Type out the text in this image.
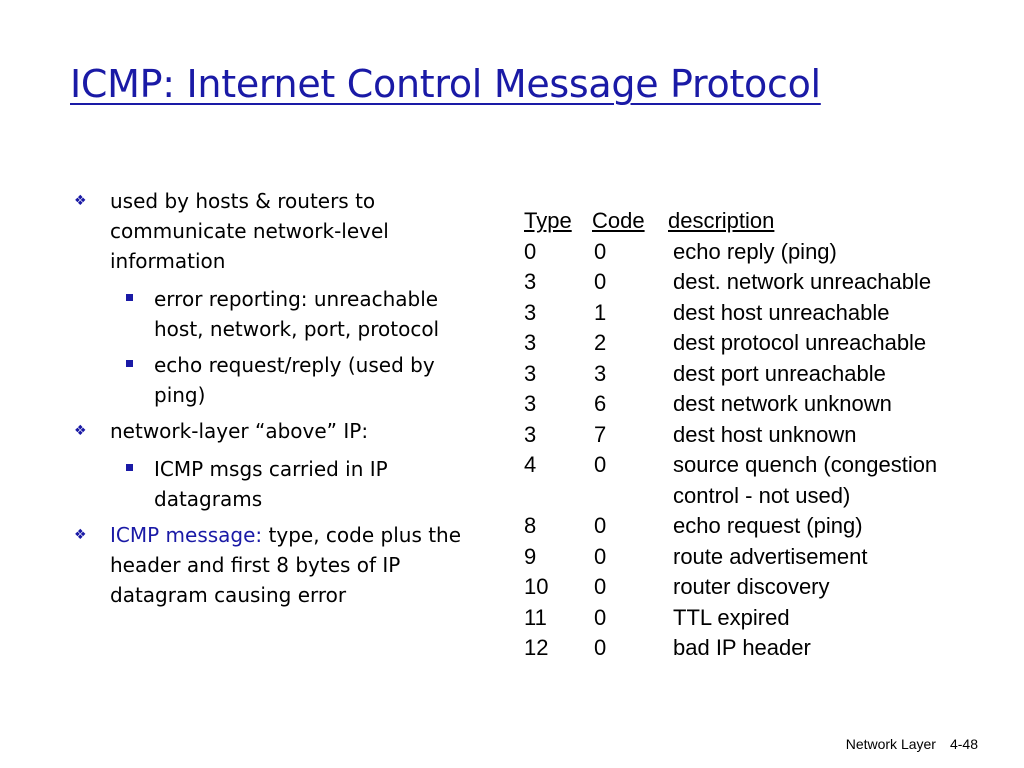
ICMP: Internet Control Message Protocol
❖ used by hosts & routers to communicate network-level information
error reporting: unreachable host, network, port, protocol
echo request/reply (used by ping)
❖ network-layer “above” IP:
ICMP msgs carried in IP datagrams
❖ ICMP message: type, code plus the header and first 8 bytes of IP datagram causing error
Type Code description
0	0	echo reply (ping)
3	0	dest. network unreachable
3	1	dest host unreachable
3	2	dest protocol unreachable
3	3	dest port unreachable
3	6	dest network unknown
3	7	dest host unknown
4	0	source quench (congestion
control - not used)
8	0	echo request (ping)
9	0	route advertisement
10 0	router discovery
11 0	TTL expired
12 0	bad IP header
Network Layer 4-48
